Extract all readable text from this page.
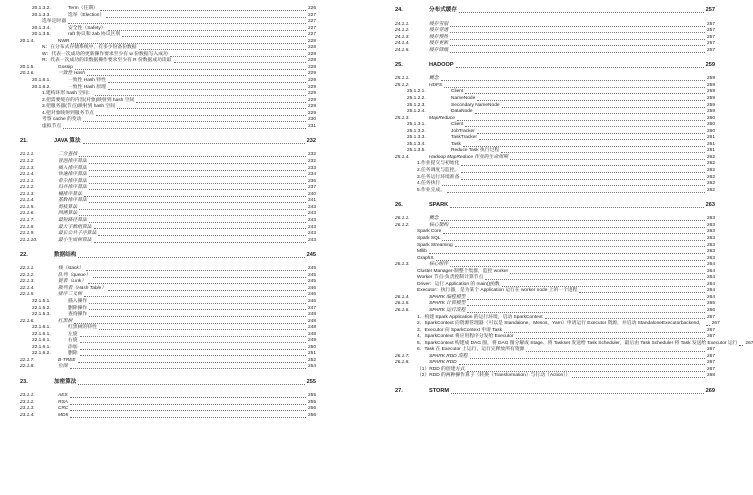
20.1.3.2.	Term（任期）	226
20.1.3.3.	选举（Election）	227
选举定时器	227
20.1.3.4.	安全性（Safety）	227
20.1.3.5.	raft 协议和 zab 协议区别	227
20.1.4.	NWR	228
N：在分布式存储系统中，有多少份备份数据	228
W：代表一次成功的更新操作要求至少有 w 份数据写入成功	228
R：代表一次成功的读数据操作要求至少有 R 份数据成功读取	228
20.1.5.	Gossip	228
20.1.6.	一致性 Hash	229
20.1.6.1.	一致性 Hash 特性	229
20.1.6.2.	一致性 Hash 原理	229
1.建构环形 hash 空间：	229
2.把需要缓存的内容(对象)映射到 hash 空间	229
3.把服务器(节点)映射到 hash 空间	229
4.把对象映射到服务节点	229
考察 cache 的变动	230
虚拟节点	231
21.	JAVA 算法	232
21.1.1.	二分查找	232
21.1.2.	冒泡排序算法	232
21.1.3.	插入排序算法	233
21.1.4.	快速排序算法	234
21.1.1.	希尔排序算法	236
21.1.2.	归并排序算法	237
21.1.3.	桶排序算法	240
21.1.4.	基数排序算法	241
21.1.5.	剪枝算法	243
21.1.6.	回溯算法	243
21.1.7.	最短路径算法	243
21.1.8.	最大子数组算法	243
21.1.9.	最长公共子序算法	243
21.1.10.	最小生成树算法	243
22.	数据结构	245
22.1.1.	栈（stack）	245
22.1.2.	队列（queue）	245
22.1.3.	链表（Link）	245
22.1.4.	散列表（Hash Table）	246
22.1.5.	排序二叉树	246
22.1.5.1.	插入操作	246
22.1.5.2.	删除操作	247
22.1.5.3.	查询操作	248
22.1.6.	红黑树	248
22.1.6.1.	红黑树的特性	248
22.1.6.1.	左旋	248
22.1.6.1.	右旋	249
22.1.6.1.	添加	250
22.1.6.2.	删除	251
22.1.7.	B-TREE	252
22.1.8.	位图	254
23.	加密算法	255
23.1.1.	AES	255
23.1.2.	RSA	255
23.1.3.	CRC	256
23.1.4.	MD5	256
24.	分布式缓存	257
24.1.1.	缓存雪崩	257
24.1.2.	缓存穿透	257
24.1.3.	缓存预热	257
24.1.4.	缓存更新	257
24.1.5.	缓存降级	257
25.	HADOOP	259
25.1.1.	概念	259
25.1.2.	HDFS	259
25.1.2.1.	Client	259
25.1.2.2.	NameNode	259
25.1.2.3.	Secondary NameNode	259
25.1.2.4.	DataNode	259
25.1.3.	MapReduce	260
25.1.3.1.	Client	260
25.1.3.2.	JobTracker	260
25.1.3.3.	TaskTracker	261
25.1.3.4.	Task	261
25.1.3.5.	Reduce Task 执行过程	261
25.1.4.	Hadoop MapReduce 作业的生命周期	262
1.作业提交与初始化	262
2.任务调度与监控。	262
3.任务运行环境准备	262
4.任务执行	262
5.作业完成。	262
26.	SPARK	263
26.1.1.	概念	263
26.1.2.	核心架构	263
Spark Core	263
Spark SQL	263
Spark Streaming	263
Mllib	263
GraphX	263
26.1.3.	核心组件	264
Cluster Manager-制整个集群，监控 worker	264
Worker 节点-负责控制计算节点	264
Driver：运行 Application 的 main()函数	264
Executor：执行器，是为某个 Application 运行在 worker node 上的一个进程	264
26.1.4.	SPARK 编程模型	264
26.1.5.	SPARK 计算模型	265
26.1.6.	SPARK 运行流程	266
1．构建 Spark Application 的运行环境，启动 SparkContext	267
2．SparkContext 向资源管理器（可以是 Standalone，Mesos，Yarn）申请运行 Executor 资源，并启动 StandaloneExecutorbackend， 267
3．Executor 向 SparkContext 申请 Task	267
4．SparkContext 将应用程序分发给 Executor	267
5．SparkContext 构建成 DAG 图，将 DAG 图分解成 Stage、将 Taskset 发送给 Task Scheduler，最后由 Task Scheduler 将 Task 发送给 Executor 运行 267
6．Task 在 Executor 上运行，运行完释放所有资源	267
26.1.7.	SPARK RDD 流程	267
26.1.8.	SPARK RDD	267
（1）RDD 的创建方式	267
（2）RDD 的两种操作算子（转换（Transformation）与行动（Action））	268
27.	STORM	269
